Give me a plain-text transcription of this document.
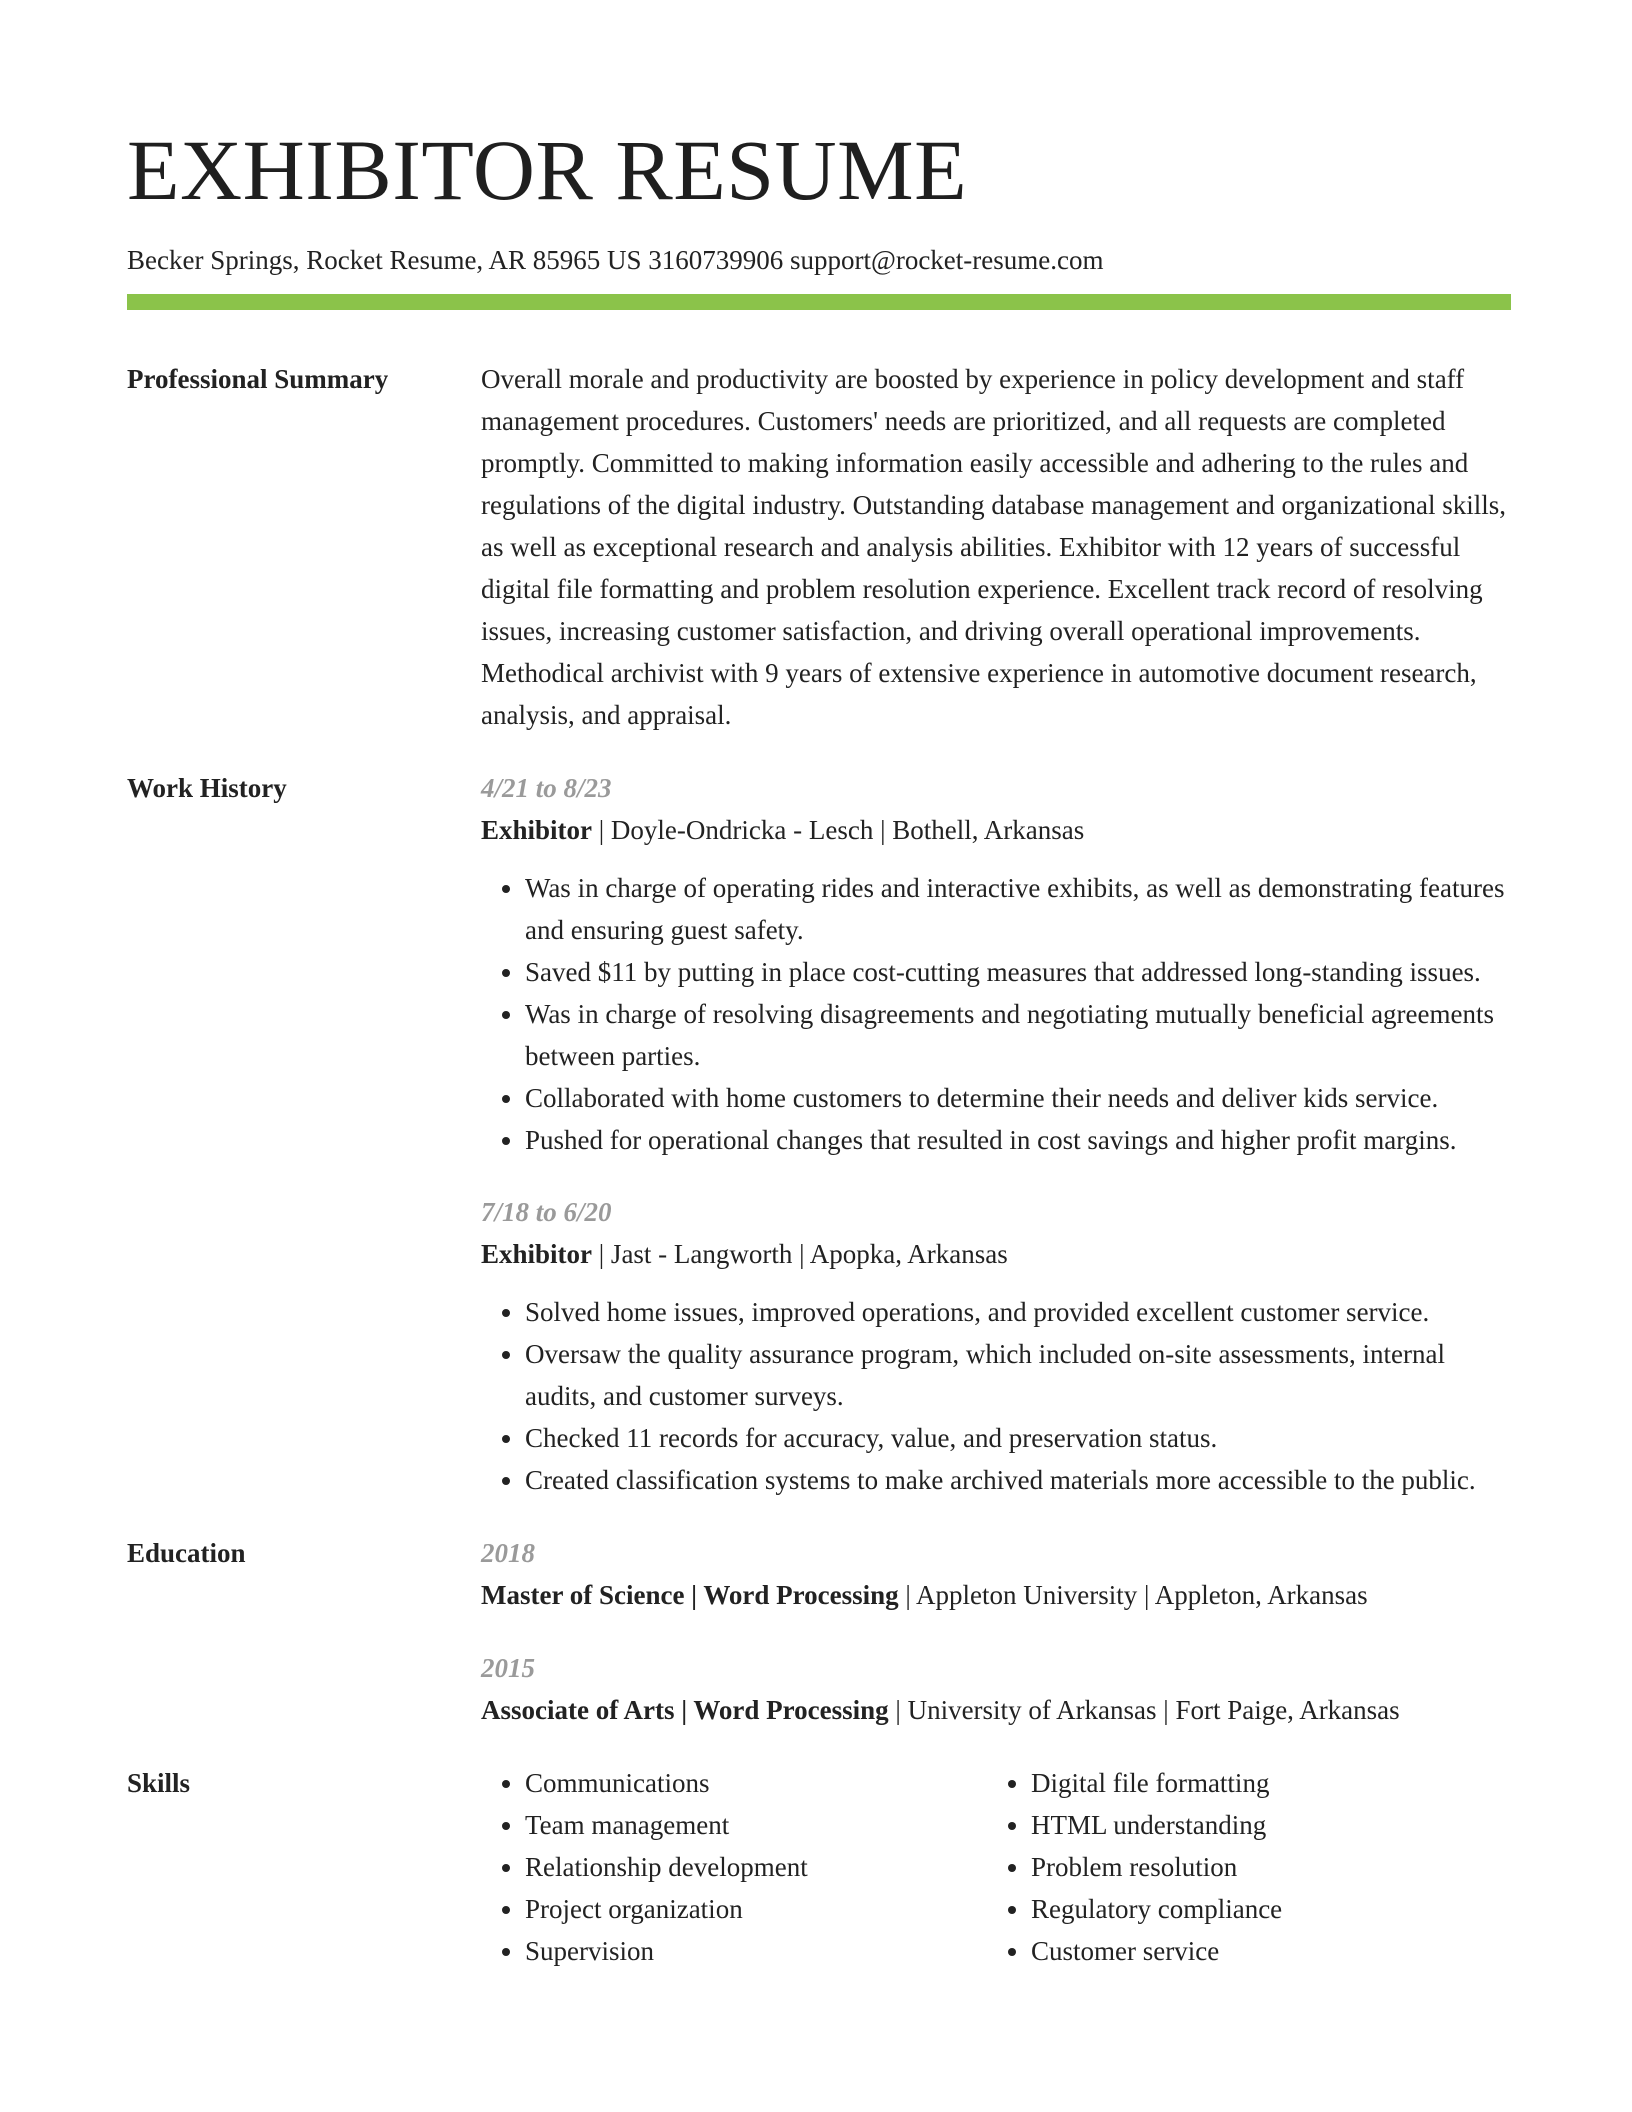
EXHIBITOR RESUME
Becker Springs, Rocket Resume, AR 85965 US 3160739906 support@rocket-resume.com
Professional Summary	Overall morale and productivity are boosted by experience in policy development and staff management procedures. Customers' needs are prioritized, and all requests are completed promptly. Committed to making information easily accessible and adhering to the rules and regulations of the digital industry. Outstanding database management and organizational skills, as well as exceptional research and analysis abilities. Exhibitor with 12 years of successful digital file formatting and problem resolution experience. Excellent track record of resolving issues, increasing customer satisfaction, and driving overall operational improvements. Methodical archivist with 9 years of extensive experience in automotive document research, analysis, and appraisal.

Work History	4/21 to 8/23
Exhibitor | Doyle-Ondricka - Lesch | Bothell, Arkansas
• Was in charge of operating rides and interactive exhibits, as well as demonstrating features and ensuring guest safety.
• Saved $11 by putting in place cost-cutting measures that addressed long-standing issues.
• Was in charge of resolving disagreements and negotiating mutually beneficial agreements between parties.
• Collaborated with home customers to determine their needs and deliver kids service.
• Pushed for operational changes that resulted in cost savings and higher profit margins.
7/18 to 6/20
Exhibitor | Jast - Langworth | Apopka, Arkansas
• Solved home issues, improved operations, and provided excellent customer service.
• Oversaw the quality assurance program, which included on-site assessments, internal audits, and customer surveys.
• Checked 11 records for accuracy, value, and preservation status.
• Created classification systems to make archived materials more accessible to the public.
Education	2018
Master of Science | Word Processing | Appleton University | Appleton, Arkansas
2015
Associate of Arts | Word Processing | University of Arkansas | Fort Paige, Arkansas
Skills
•	Communications
• Team management
• Relationship development
• Project organization
• Supervision
• Digital file formatting
• HTML understanding
• Problem resolution
• Regulatory compliance
• Customer service
